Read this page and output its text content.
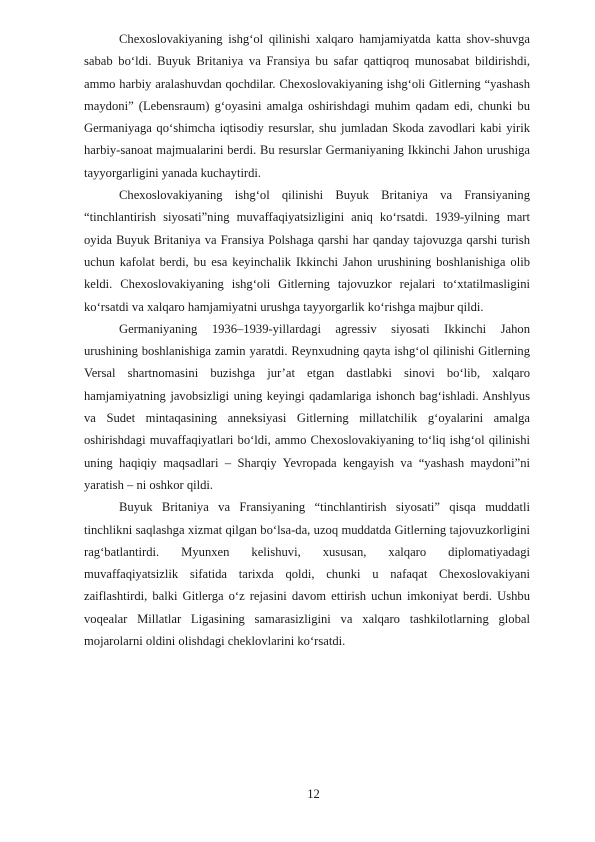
Chexoslovakiyaning ishg‘ol qilinishi xalqaro hamjamiyatda katta shov-shuvga sabab bo‘ldi. Buyuk Britaniya va Fransiya bu safar qattiqroq munosabat bildirishdi, ammo harbiy aralashuvdan qochdilar. Chexoslovakiyaning ishg‘oli Gitlerning “yashash maydoni” (Lebensraum) g‘oyasini amalga oshirishdagi muhim qadam edi, chunki bu Germaniyaga qo‘shimcha iqtisodiy resurslar, shu jumladan Skoda zavodlari kabi yirik harbiy-sanoat majmualarini berdi. Bu resurslar Germaniyaning Ikkinchi Jahon urushiga tayyorgarligini yanada kuchaytirdi.

Chexoslovakiyaning ishg‘ol qilinishi Buyuk Britaniya va Fransiyaning “tinchlantirish siyosati”ning muvaffaqiyatsizligini aniq ko‘rsatdi. 1939-yilning mart oyida Buyuk Britaniya va Fransiya Polshaga qarshi har qanday tajovuzga qarshi turish uchun kafolat berdi, bu esa keyinchalik Ikkinchi Jahon urushining boshlanishiga olib keldi. Chexoslovakiyaning ishg‘oli Gitlerning tajovuzkor rejalari to‘xtatilmasligini ko‘rsatdi va xalqaro hamjamiyatni urushga tayyorgarlik ko‘rishga majbur qildi.

Germaniyaning 1936–1939-yillardagi agressiv siyosati Ikkinchi Jahon urushining boshlanishiga zamin yaratdi. Reynxudning qayta ishg‘ol qilinishi Gitlerning Versal shartnomasini buzishga jur’at etgan dastlabki sinovi bo‘lib, xalqaro hamjamiyatning javobsizligi uning keyingi qadamlariga ishonch bag‘ishladi. Anshlyus va Sudet mintaqasining anneksiyasi Gitlerning millatchilik g‘oyalarini amalga oshirishdagi muvaffaqiyatlari bo‘ldi, ammo Chexoslovakiyaning to‘liq ishg‘ol qilinishi uning haqiqiy maqsadlari – Sharqiy Yevropada kengayish va “yashash maydoni”ni yaratish – ni oshkor qildi.

Buyuk Britaniya va Fransiyaning “tinchlantirish siyosati” qisqa muddatli tinchlikni saqlashga xizmat qilgan bo‘lsa-da, uzoq muddatda Gitlerning tajovuzkorligini rag‘batlantirdi. Myunxen kelishuvi, xususan, xalqaro diplomatiyadagi muvaffaqiyatsizlik sifatida tarixda qoldi, chunki u nafaqat Chexoslovakiyani zaiflashtirdi, balki Gitlerga o‘z rejasini davom ettirish uchun imkoniyat berdi. Ushbu voqealar Millatlar Ligasining samarasizligini va xalqaro tashkilotlarning global mojarolarni oldini olishdagi cheklovlarini ko‘rsatdi.

12
